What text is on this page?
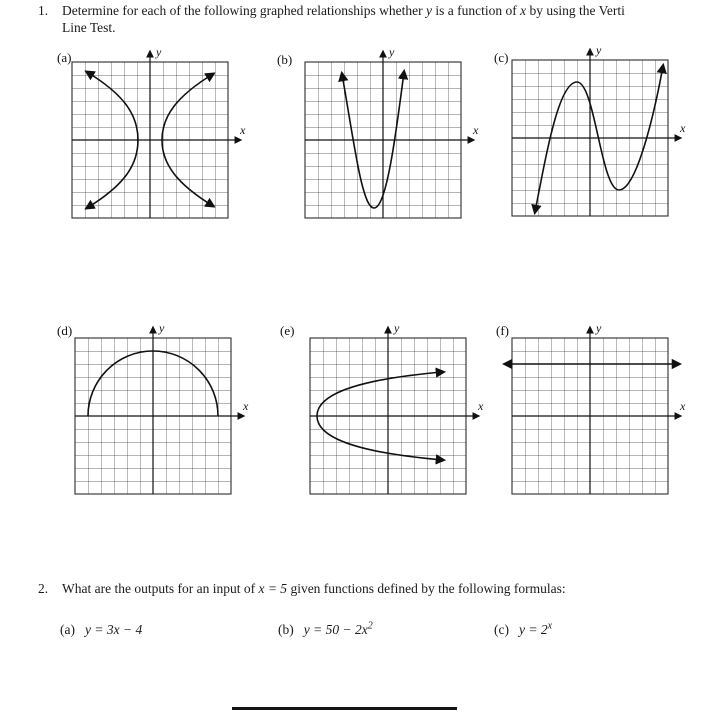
1. Determine for each of the following graphed relationships whether y is a function of x by using the Verti
Line Test.
(a)	(b)	(c)
(d)	(e)	(f)
y
x
y
x
y
x
y
x
y
x
y
x
2. What are the outputs for an input of x = 5 given functions defined by the following formulas:
(a) y = 3x − 4	(b) $y = 50 - 2x^2$	(c) $y = 2^x$
